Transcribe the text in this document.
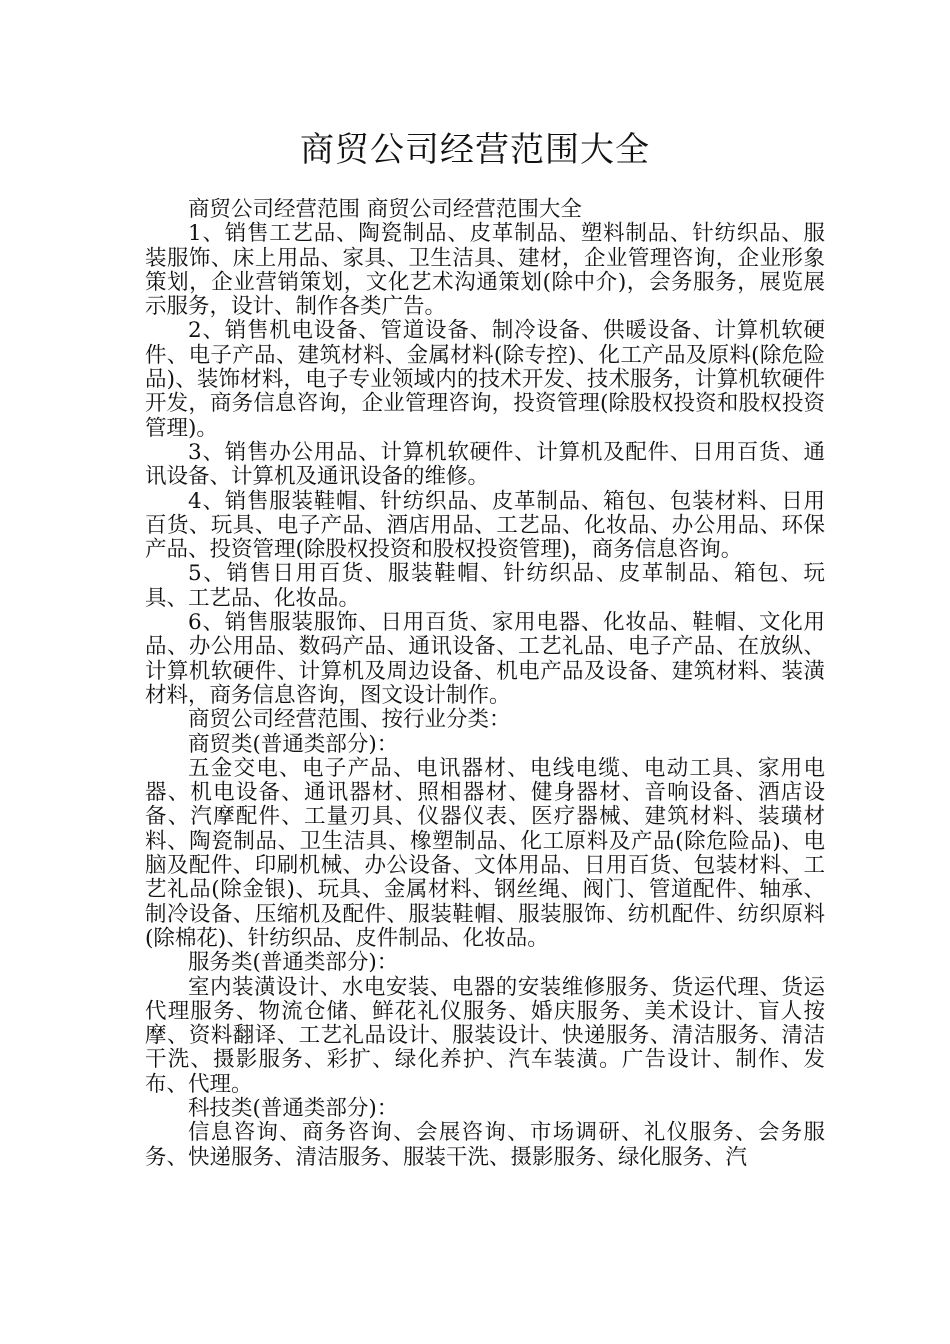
商贸公司经营范围大全

商贸公司经营范围 商贸公司经营范围大全

1、销售工艺品、陶瓷制品、皮革制品、塑料制品、针纺织品、服装服饰、床上用品、家具、卫生洁具、建材，企业管理咨询，企业形象策划，企业营销策划，文化艺术沟通策划(除中介)，会务服务，展览展示服务，设计、制作各类广告。

2、销售机电设备、管道设备、制冷设备、供暖设备、计算机软硬件、电子产品、建筑材料、金属材料(除专控)、化工产品及原料(除危险品)、装饰材料，电子专业领域内的技术开发、技术服务，计算机软硬件开发，商务信息咨询，企业管理咨询，投资管理(除股权投资和股权投资管理)。

3、销售办公用品、计算机软硬件、计算机及配件、日用百货、通讯设备、计算机及通讯设备的维修。

4、销售服装鞋帽、针纺织品、皮革制品、箱包、包装材料、日用百货、玩具、电子产品、酒店用品、工艺品、化妆品、办公用品、环保产品、投资管理(除股权投资和股权投资管理)，商务信息咨询。

5、销售日用百货、服装鞋帽、针纺织品、皮革制品、箱包、玩具、工艺品、化妆品。

6、销售服装服饰、日用百货、家用电器、化妆品、鞋帽、文化用品、办公用品、数码产品、通讯设备、工艺礼品、电子产品、在放纵、计算机软硬件、计算机及周边设备、机电产品及设备、建筑材料、装潢材料，商务信息咨询，图文设计制作。

商贸公司经营范围、按行业分类：

商贸类(普通类部分)：

五金交电、电子产品、电讯器材、电线电缆、电动工具、家用电器、机电设备、通讯器材、照相器材、健身器材、音响设备、酒店设备、汽摩配件、工量刃具、仪器仪表、医疗器械、建筑材料、装璜材料、陶瓷制品、卫生洁具、橡塑制品、化工原料及产品(除危险品)、电脑及配件、印刷机械、办公设备、文体用品、日用百货、包装材料、工艺礼品(除金银)、玩具、金属材料、钢丝绳、阀门、管道配件、轴承、制冷设备、压缩机及配件、服装鞋帽、服装服饰、纺机配件、纺织原料(除棉花)、针纺织品、皮件制品、化妆品。

服务类(普通类部分)：

室内装潢设计、水电安装、电器的安装维修服务、货运代理、货运代理服务、物流仓储、鲜花礼仪服务、婚庆服务、美术设计、盲人按摩、资料翻译、工艺礼品设计、服装设计、快递服务、清洁服务、清洁干洗、摄影服务、彩扩、绿化养护、汽车装潢。广告设计、制作、发布、代理。

科技类(普通类部分)：

信息咨询、商务咨询、会展咨询、市场调研、礼仪服务、会务服务、快递服务、清洁服务、服装干洗、摄影服务、绿化服务、汽
